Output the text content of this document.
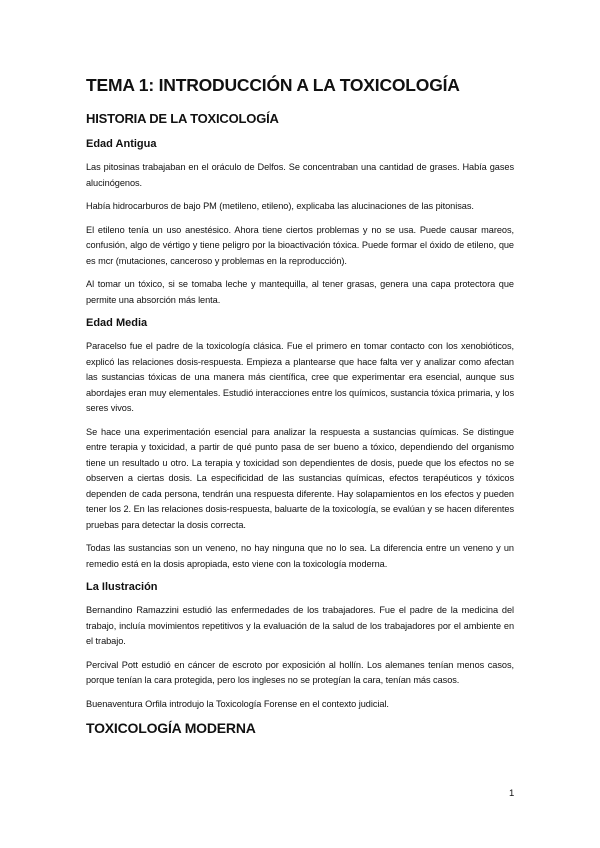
TEMA 1: INTRODUCCIÓN A LA TOXICOLOGÍA
HISTORIA DE LA TOXICOLOGÍA
Edad Antigua

Las pitosinas trabajaban en el oráculo de Delfos. Se concentraban una cantidad de grases. Había gases alucinógenos.

Había hidrocarburos de bajo PM (metileno, etileno), explicaba las alucinaciones de las pitonisas.

El etileno tenía un uso anestésico. Ahora tiene ciertos problemas y no se usa. Puede causar mareos, confusión, algo de vértigo y tiene peligro por la bioactivación tóxica. Puede formar el óxido de etileno, que es mcr (mutaciones, canceroso y problemas en la reproducción).

Al tomar un tóxico, si se tomaba leche y mantequilla, al tener grasas, genera una capa protectora que permite una absorción más lenta.

Edad Media

Paracelso fue el padre de la toxicología clásica. Fue el primero en tomar contacto con los xenobióticos, explicó las relaciones dosis-respuesta. Empieza a plantearse que hace falta ver y analizar como afectan las sustancias tóxicas de una manera más científica, cree que experimentar era esencial, aunque sus abordajes eran muy elementales. Estudió interacciones entre los químicos, sustancia tóxica primaria, y los seres vivos.

Se hace una experimentación esencial para analizar la respuesta a sustancias químicas. Se distingue entre terapia y toxicidad, a partir de qué punto pasa de ser bueno a tóxico, dependiendo del organismo tiene un resultado u otro. La terapia y toxicidad son dependientes de dosis, puede que los efectos no se observen a ciertas dosis. La especificidad de las sustancias químicas, efectos terapéuticos y tóxicos dependen de cada persona, tendrán una respuesta diferente. Hay solapamientos en los efectos y pueden tener los 2. En las relaciones dosis-respuesta, baluarte de la toxicología, se evalúan y se hacen diferentes pruebas para detectar la dosis correcta.

Todas las sustancias son un veneno, no hay ninguna que no lo sea. La diferencia entre un veneno y un remedio está en la dosis apropiada, esto viene con la toxicología moderna.

La Ilustración

Bernandino Ramazzini estudió las enfermedades de los trabajadores. Fue el padre de la medicina del trabajo, incluía movimientos repetitivos y la evaluación de la salud de los trabajadores por el ambiente en el trabajo.

Percival Pott estudió en cáncer de escroto por exposición al hollín. Los alemanes tenían menos casos, porque tenían la cara protegida, pero los ingleses no se protegían la cara, tenían más casos.

Buenaventura Orfila introdujo la Toxicología Forense en el contexto judicial.

TOXICOLOGÍA MODERNA
1
